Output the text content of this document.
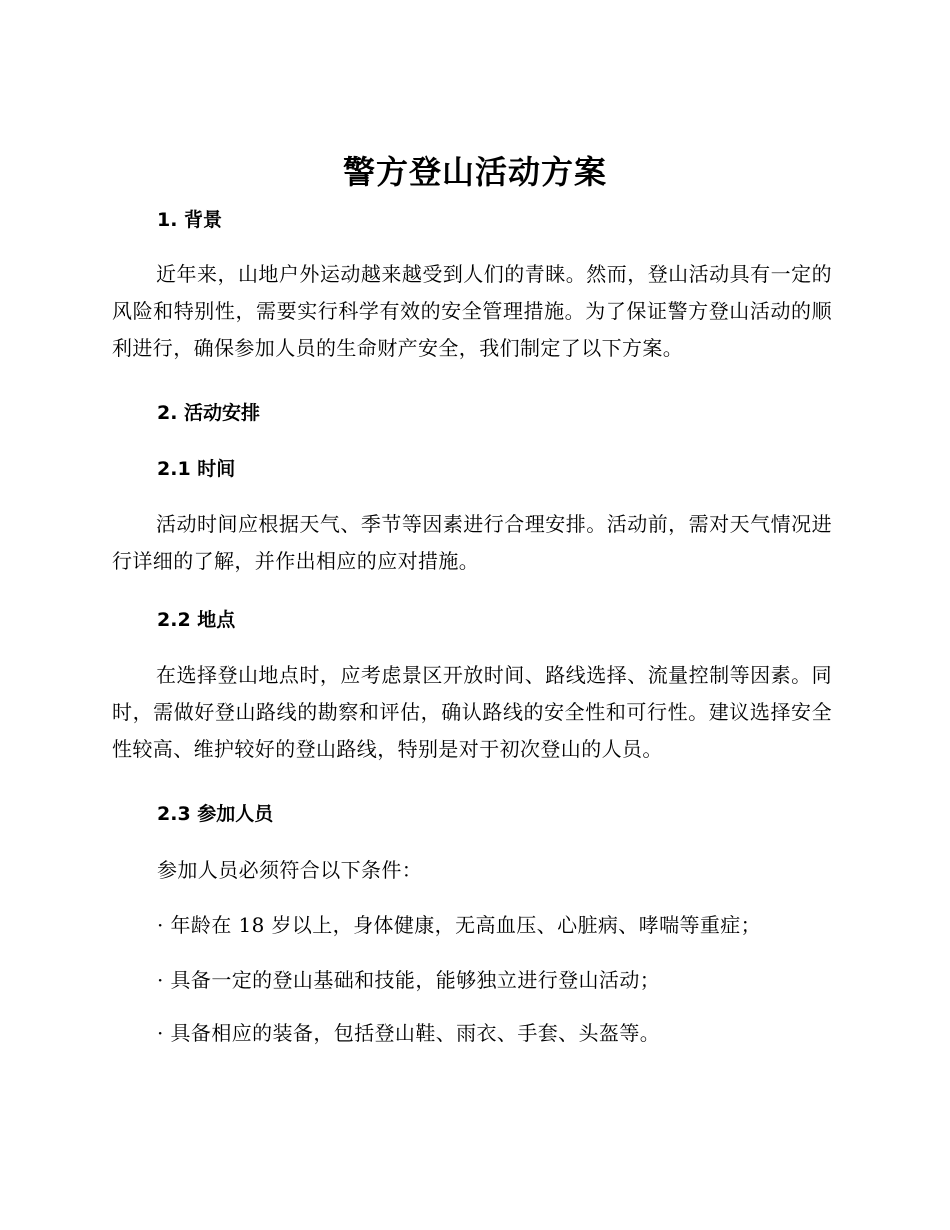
警方登山活动方案
1. 背景
近年来，山地户外运动越来越受到人们的青睐。然而，登山活动具有一定的风险和特别性，需要实行科学有效的安全管理措施。为了保证警方登山活动的顺利进行，确保参加人员的生命财产安全，我们制定了以下方案。
2. 活动安排
2.1 时间
活动时间应根据天气、季节等因素进行合理安排。活动前，需对天气情况进行详细的了解，并作出相应的应对措施。
2.2 地点
在选择登山地点时，应考虑景区开放时间、路线选择、流量控制等因素。同时，需做好登山路线的勘察和评估，确认路线的安全性和可行性。建议选择安全性较高、维护较好的登山路线，特别是对于初次登山的人员。
2.3 参加人员
参加人员必须符合以下条件：
· 年龄在 18 岁以上，身体健康，无高血压、心脏病、哮喘等重症；
· 具备一定的登山基础和技能，能够独立进行登山活动；
· 具备相应的装备，包括登山鞋、雨衣、手套、头盔等。
